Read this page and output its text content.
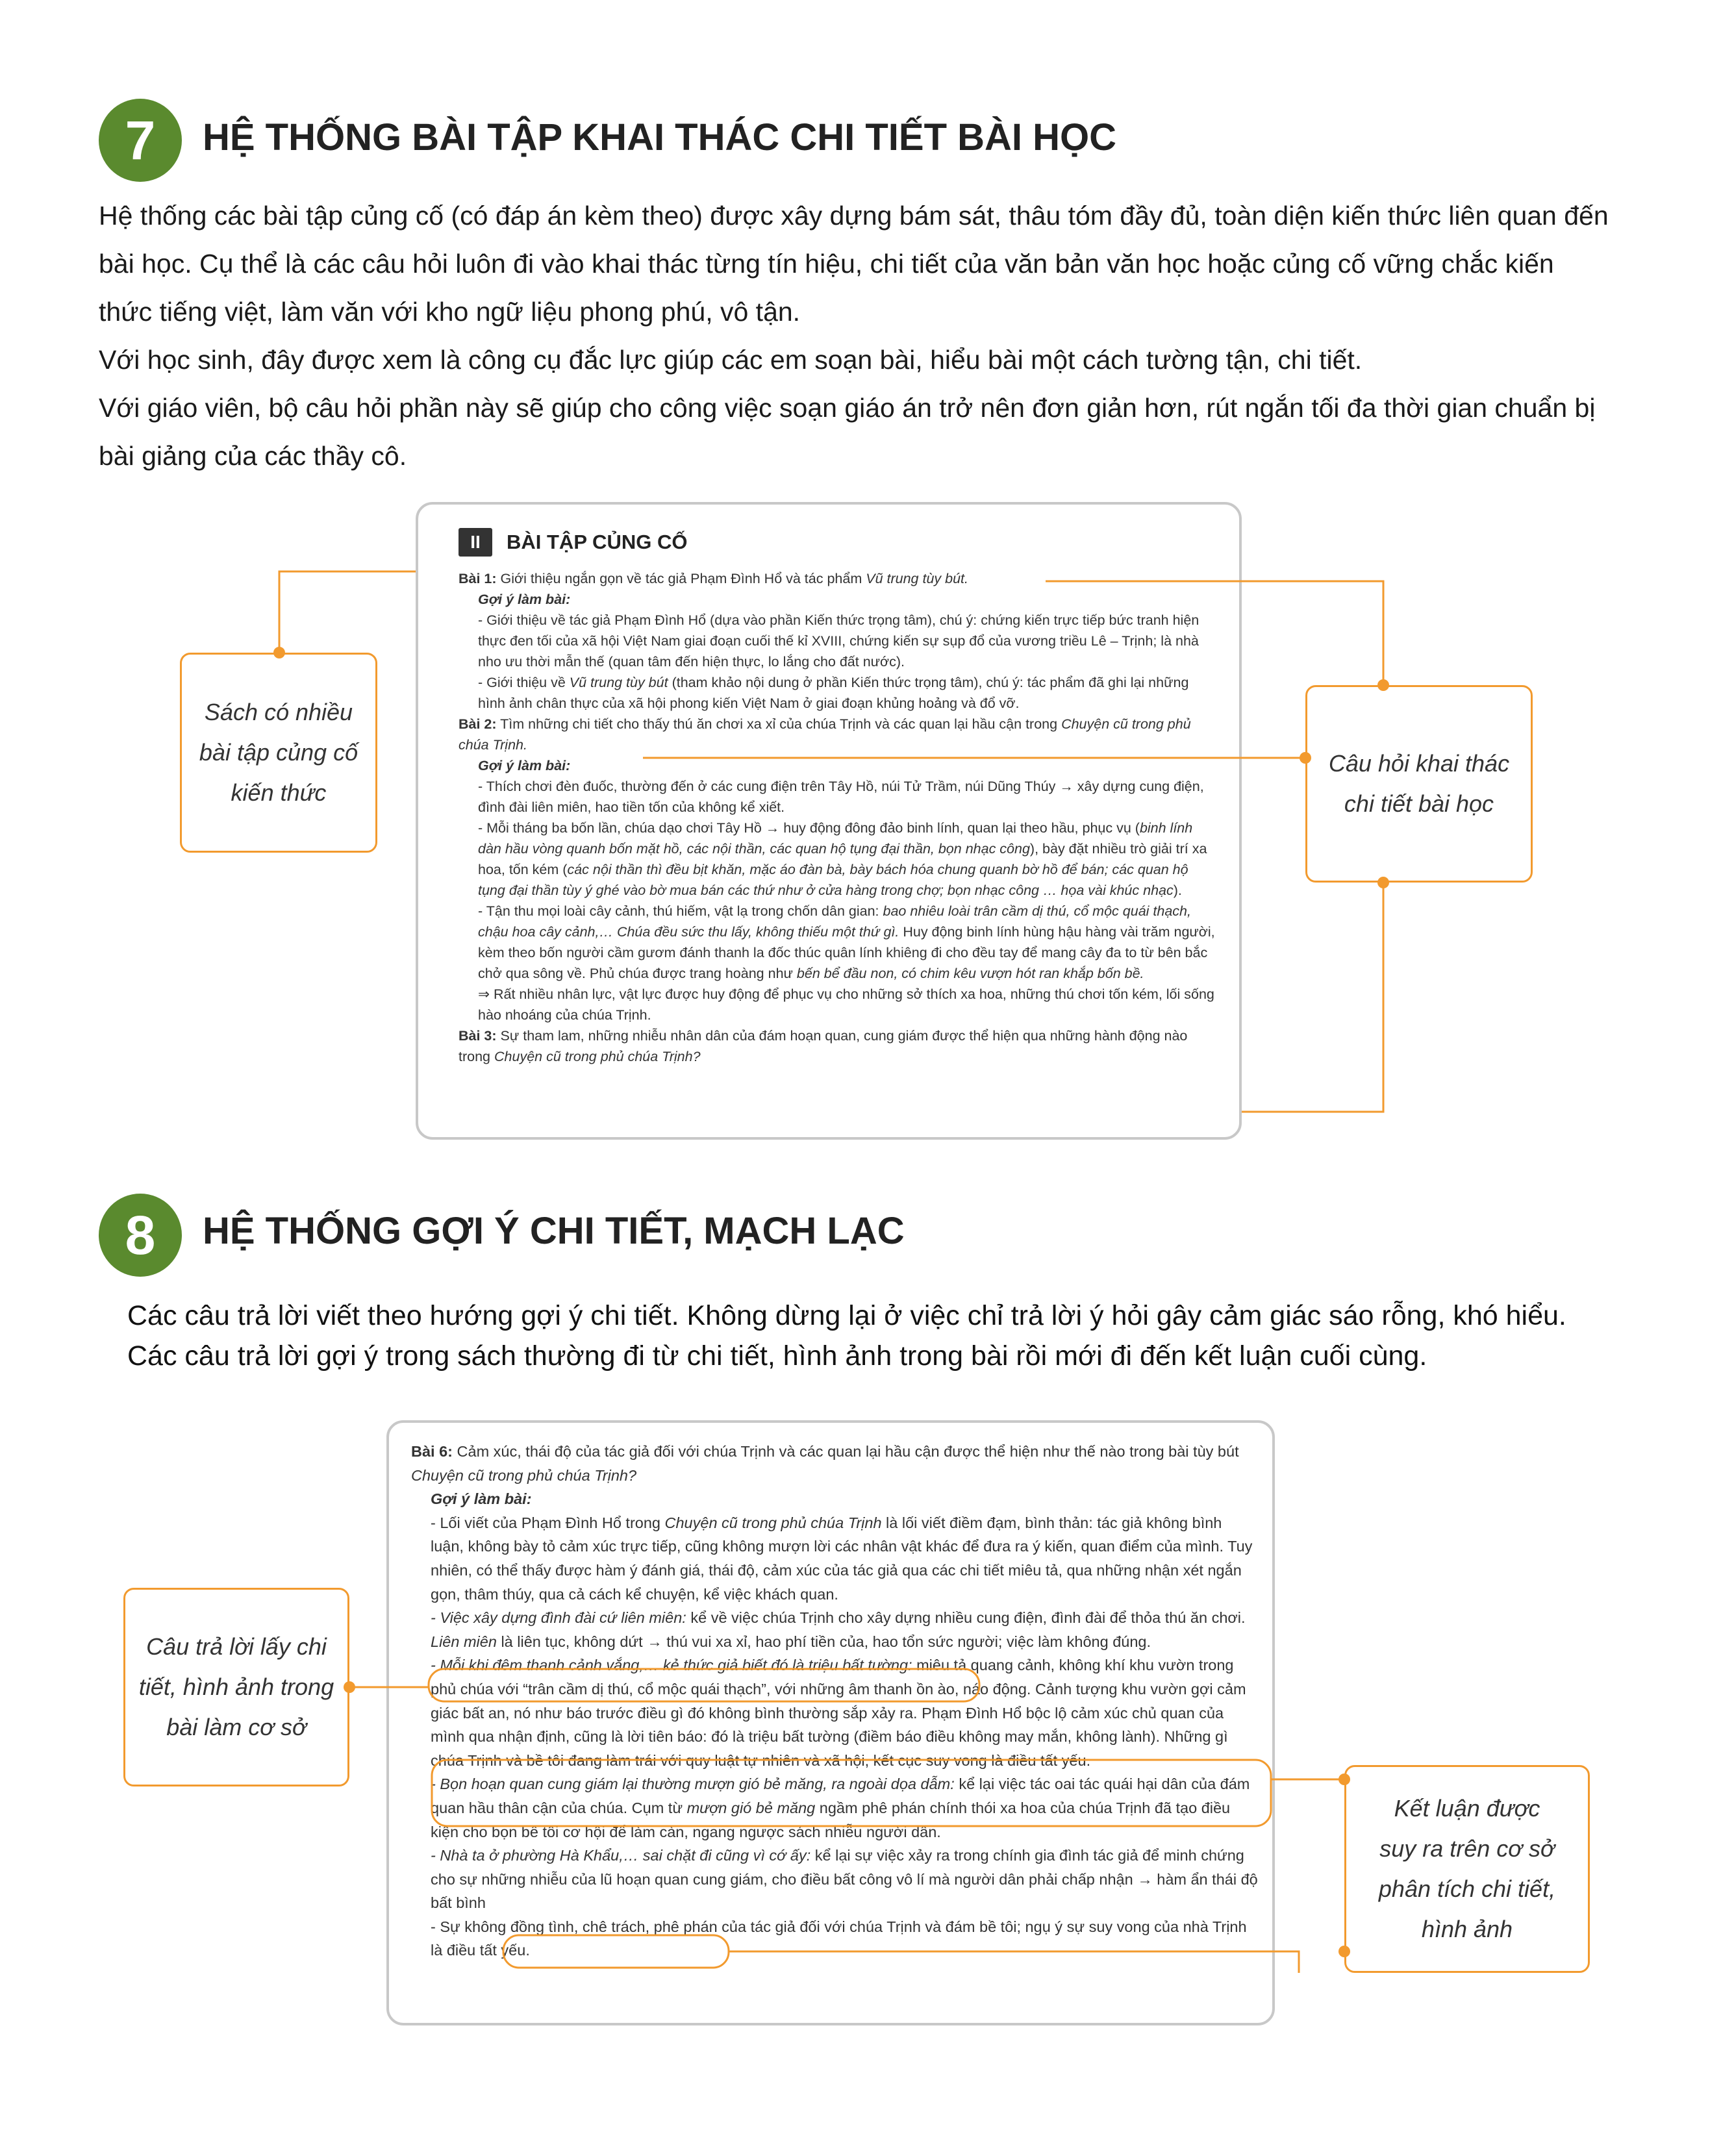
7 HỆ THỐNG BÀI TẬP KHAI THÁC CHI TIẾT BÀI HỌC

Hệ thống các bài tập củng cố (có đáp án kèm theo) được xây dựng bám sát, thâu tóm đầy đủ, toàn diện kiến thức liên quan đến bài học. Cụ thể là các câu hỏi luôn đi vào khai thác từng tín hiệu, chi tiết của văn bản văn học hoặc củng cố vững chắc kiến thức tiếng việt, làm văn với kho ngữ liệu phong phú, vô tận.

Với học sinh, đây được xem là công cụ đắc lực giúp các em soạn bài, hiểu bài một cách tường tận, chi tiết.

Với giáo viên, bộ câu hỏi phần này sẽ giúp cho công việc soạn giáo án trở nên đơn giản hơn, rút ngắn tối đa thời gian chuẩn bị bài giảng của các thầy cô.

II BÀI TẬP CỦNG CỐ

Bài 1: Giới thiệu ngắn gọn về tác giả Phạm Đình Hổ và tác phẩm Vũ trung tùy bút.

Gợi ý làm bài:

- Giới thiệu về tác giả Phạm Đình Hổ (dựa vào phần Kiến thức trọng tâm), chú ý: chứng kiến trực tiếp bức tranh hiện thực đen tối của xã hội Việt Nam giai đoạn cuối thế kỉ XVIII, chứng kiến sự sụp đổ của vương triều Lê – Trịnh; là nhà nho ưu thời mẫn thế (quan tâm đến hiện thực, lo lắng cho đất nước).

- Giới thiệu về Vũ trung tùy bút (tham khảo nội dung ở phần Kiến thức trọng tâm), chú ý: tác phẩm đã ghi lại những hình ảnh chân thực của xã hội phong kiến Việt Nam ở giai đoạn khủng hoảng và đổ vỡ.

Bài 2: Tìm những chi tiết cho thấy thú ăn chơi xa xỉ của chúa Trịnh và các quan lại hầu cận trong Chuyện cũ trong phủ chúa Trịnh.

Gợi ý làm bài:

- Thích chơi đèn đuốc, thường đến ở các cung điện trên Tây Hồ, núi Tử Trầm, núi Dũng Thúy → xây dựng cung điện, đình đài liên miên, hao tiền tốn của không kể xiết.

- Mỗi tháng ba bốn lần, chúa dạo chơi Tây Hồ → huy động đông đảo binh lính, quan lại theo hầu, phục vụ (binh lính dàn hầu vòng quanh bốn mặt hồ, các nội thần, các quan hộ tụng đại thần, bọn nhạc công), bày đặt nhiều trò giải trí xa hoa, tốn kém (các nội thần thì đều bịt khăn, mặc áo đàn bà, bày bách hóa chung quanh bờ hồ để bán; các quan hộ tụng đại thần tùy ý ghé vào bờ mua bán các thứ như ở cửa hàng trong chợ; bọn nhạc công … họa vài khúc nhạc).

- Tận thu mọi loài cây cảnh, thú hiếm, vật lạ trong chốn dân gian: bao nhiêu loài trân cầm dị thú, cổ mộc quái thạch, chậu hoa cây cảnh,… Chúa đều sức thu lấy, không thiếu một thứ gì. Huy động binh lính hùng hậu hàng vài trăm người, kèm theo bốn người cầm gươm đánh thanh la đốc thúc quân lính khiêng đi cho đều tay để mang cây đa to từ bên bắc chở qua sông về. Phủ chúa được trang hoàng như bến bể đầu non, có chim kêu vượn hót ran khắp bốn bề.

⇒ Rất nhiều nhân lực, vật lực được huy động để phục vụ cho những sở thích xa hoa, những thú chơi tốn kém, lối sống hào nhoáng của chúa Trịnh.

Bài 3: Sự tham lam, những nhiễu nhân dân của đám hoạn quan, cung giám được thể hiện qua những hành động nào trong Chuyện cũ trong phủ chúa Trịnh?

Sách có nhiều
bài tập củng cố
kiến thức
Câu hỏi khai thác
chi tiết bài học
8 HỆ THỐNG GỢI Ý CHI TIẾT, MẠCH LẠC

Các câu trả lời viết theo hướng gợi ý chi tiết. Không dừng lại ở việc chỉ trả lời ý hỏi gây cảm giác sáo rỗng, khó hiểu. Các câu trả lời gợi ý trong sách thường đi từ chi tiết, hình ảnh trong bài rồi mới đi đến kết luận cuối cùng.

Bài 6: Cảm xúc, thái độ của tác giả đối với chúa Trịnh và các quan lại hầu cận được thể hiện như thế nào trong bài tùy bút Chuyện cũ trong phủ chúa Trịnh?

Gợi ý làm bài:

- Lối viết của Phạm Đình Hổ trong Chuyện cũ trong phủ chúa Trịnh là lối viết điềm đạm, bình thản: tác giả không bình luận, không bày tỏ cảm xúc trực tiếp, cũng không mượn lời các nhân vật khác để đưa ra ý kiến, quan điểm của mình. Tuy nhiên, có thể thấy được hàm ý đánh giá, thái độ, cảm xúc của tác giả qua các chi tiết miêu tả, qua những nhận xét ngắn gọn, thâm thúy, qua cả cách kể chuyện, kể việc khách quan.

- Việc xây dựng đình đài cứ liên miên: kể về việc chúa Trịnh cho xây dựng nhiều cung điện, đình đài để thỏa thú ăn chơi. Liên miên là liên tục, không dứt → thú vui xa xỉ, hao phí tiền của, hao tổn sức người; việc làm không đúng.

- Mỗi khi đêm thanh cảnh vắng,… kẻ thức giả biết đó là triệu bất tường: miêu tả quang cảnh, không khí khu vườn trong phủ chúa với “trân cầm dị thú, cổ mộc quái thạch”, với những âm thanh ồn ào, náo động. Cảnh tượng khu vườn gợi cảm giác bất an, nó như báo trước điều gì đó không bình thường sắp xảy ra. Phạm Đình Hổ bộc lộ cảm xúc chủ quan của mình qua nhận định, cũng là lời tiên báo: đó là triệu bất tường (điềm báo điều không may mắn, không lành). Những gì chúa Trịnh và bề tôi đang làm trái với quy luật tự nhiên và xã hội, kết cục suy vong là điều tất yếu.

- Bọn hoạn quan cung giám lại thường mượn gió bẻ măng, ra ngoài dọa dẫm: kể lại việc tác oai tác quái hại dân của đám quan hầu thân cận của chúa. Cụm từ mượn gió bẻ măng ngầm phê phán chính thói xa hoa của chúa Trịnh đã tạo điều kiện cho bọn bề tôi cơ hội để làm càn, ngang ngược sách nhiễu người dân.

- Nhà ta ở phường Hà Khẩu,… sai chặt đi cũng vì cớ ấy: kể lại sự việc xảy ra trong chính gia đình tác giả để minh chứng cho sự những nhiễu của lũ hoạn quan cung giám, cho điều bất công vô lí mà người dân phải chấp nhận → hàm ẩn thái độ bất bình

- Sự không đồng tình, chê trách, phê phán của tác giả đối với chúa Trịnh và đám bề tôi; ngụ ý sự suy vong của nhà Trịnh là điều tất yếu.

Câu trả lời lấy chi
tiết, hình ảnh trong
bài làm cơ sở
Kết luận được
suy ra trên cơ sở
phân tích chi tiết,
hình ảnh
